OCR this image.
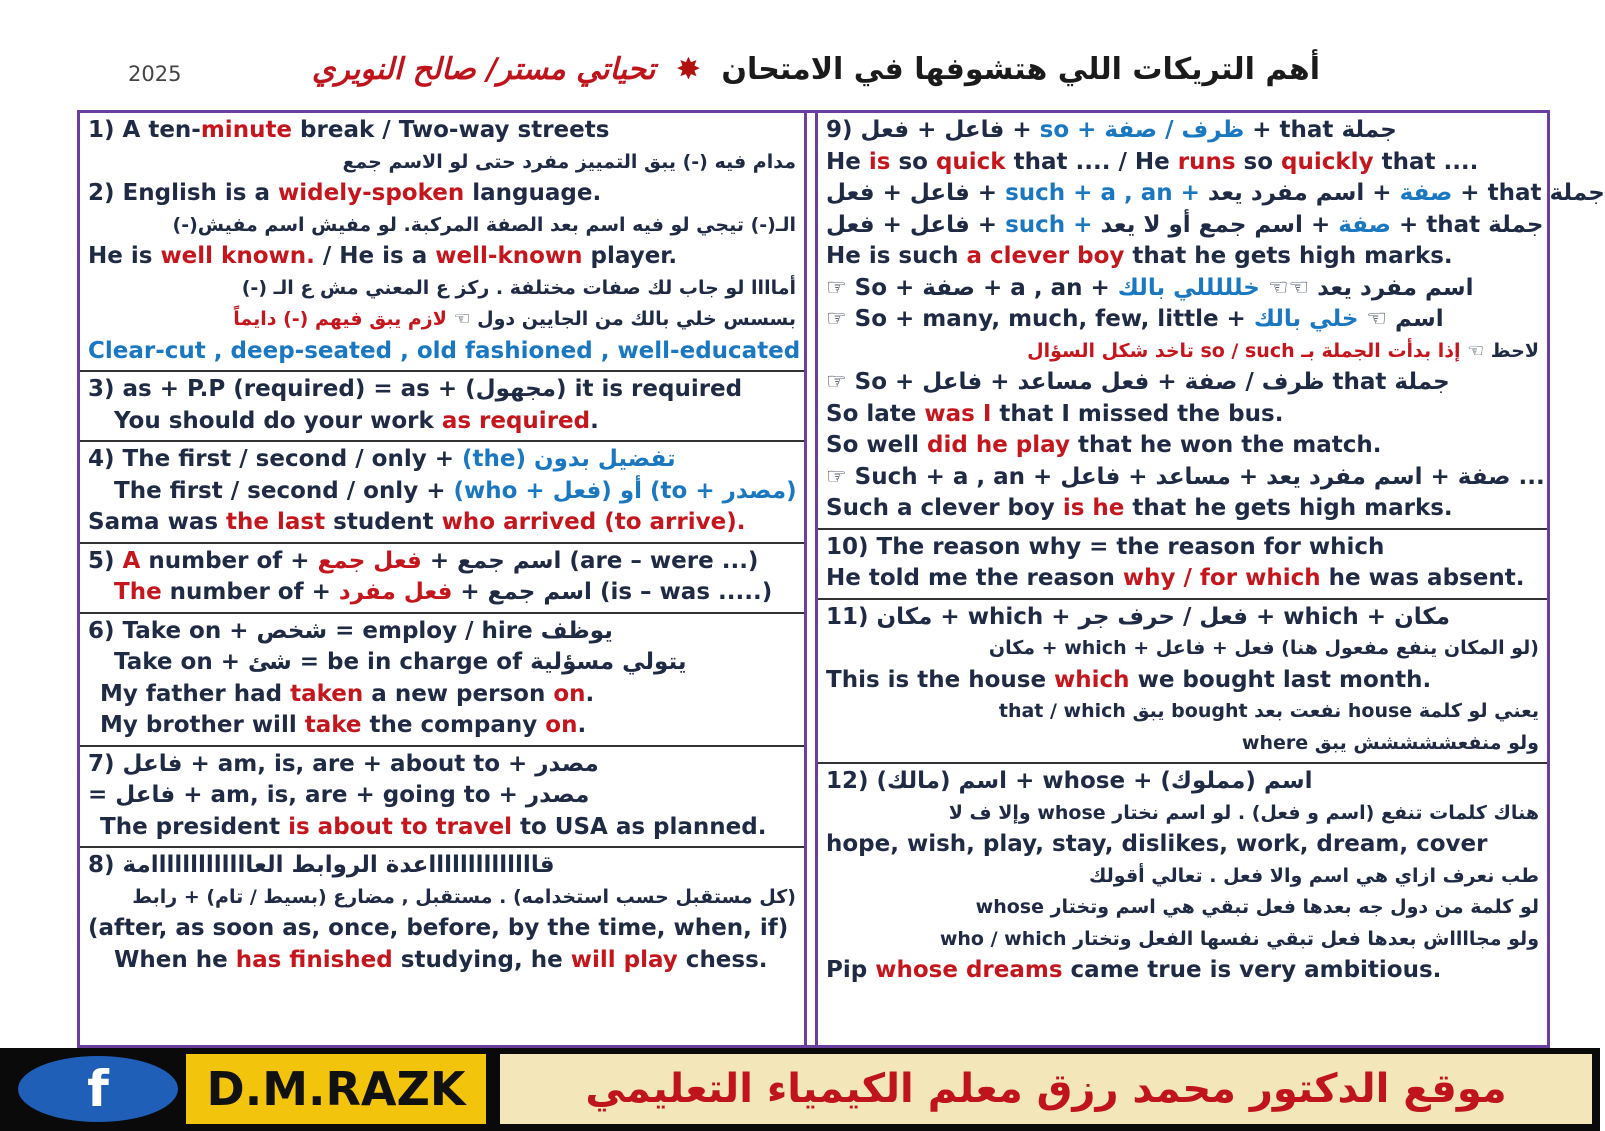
2025	أهم التريكات اللي هتشوفها في الامتحان ✸ تحياتي مستر/ صالح النويري
1) A ten-minute break / Two-way streets
مدام فيه (-) يبق التمييز مفرد حتى لو الاسم جمع
2) English is a widely-spoken language.
الـ(-) تيجي لو فيه اسم بعد الصفة المركبة. لو مفيش اسم مفيش(-)
He is well known. / He is a well-known player.
أماااا لو جاب لك صفات مختلفة . ركز ع المعني مش ع الـ (-)
بسسس خلي بالك من الجايين دول ☜ لازم يبق فيهم (-) دايماً
Clear-cut , deep-seated , old fashioned , well-educated
3) as + P.P (required) = as + (مجهول) it is required
You should do your work as required.
4) The first / second / only + (the) تفضيل بدون
The first / second / only + (who + فعل) أو (to + مصدر)
Sama was the last student who arrived (to arrive).
5) A number of + اسم جمع + فعل جمع	(are – were ...)
The number of + اسم جمع + فعل مفرد	(is – was .....)
6) Take on + شخص = employ / hire يوظف
Take on + شئ = be in charge of يتولي مسؤلية
My father had taken a new person on.
My brother will take the company on.
7) فاعل + am, is, are + about to + مصدر
= فاعل + am, is, are + going to + مصدر
The president is about to travel to USA as planned.
8) قااااااااااااااعدة الروابط العااااااااااااامة
(كل مستقبل حسب استخدامه) . مستقبل , مضارع (بسيط / تام) + رابط
(after, as soon as, once, before, by the time, when, if)
When he has finished studying, he will play chess.
9) فاعل + فعل + so + ظرف / صفة + that جملة
He is so quick that .... / He runs so quickly that ....
فاعل + فعل + such + a , an + صفة + اسم مفرد يعد + that جملة
فاعل + فعل + such + صفة + اسم جمع أو لا يعد + that جملة
He is such a clever boy that he gets high marks.
☞ So + صفة + a , an + اسم مفرد يعد ☜☜ خلللللي بالك
☞ So + many, much, few, little + اسم ☜ خلي بالك
لاحظ ☜ إذا بدأت الجملة بـ so / such تاخد شكل السؤال
☞ So + ظرف / صفة + فعل مساعد + فاعل that جملة
So late was I that I missed the bus.
So well did he play that he won the match.
☞ Such + a , an + صفة + اسم مفرد يعد + مساعد + فاعل ...
Such a clever boy is he that he gets high marks.
10) The reason why = the reason for which
He told me the reason why / for which he was absent.
11) مكان + which + فعل / حرف جر + which + مكان
(لو المكان ينفع مفعول هنا) فعل + فاعل + which + مكان
This is the house which we bought last month.
يعني لو كلمة house نفعت بعد bought يبق that / which
ولو منفعششششش يبق where
12) (مالك) اسم + whose + (مملوك) اسم
هناك كلمات تنفع (اسم و فعل) . لو اسم نختار whose وإلا ف لا
hope, wish, play, stay, dislikes, work, dream, cover
طب نعرف ازاي هي اسم والا فعل . تعالي أقولك
لو كلمة من دول جه بعدها فعل تبقي هي اسم وتختار whose
ولو مجااااش بعدها فعل تبقي نفسها الفعل وتختار who / which
Pip whose dreams came true is very ambitious.
f	D.M.RAZK	موقع الدكتور محمد رزق معلم الكيمياء التعليمي
